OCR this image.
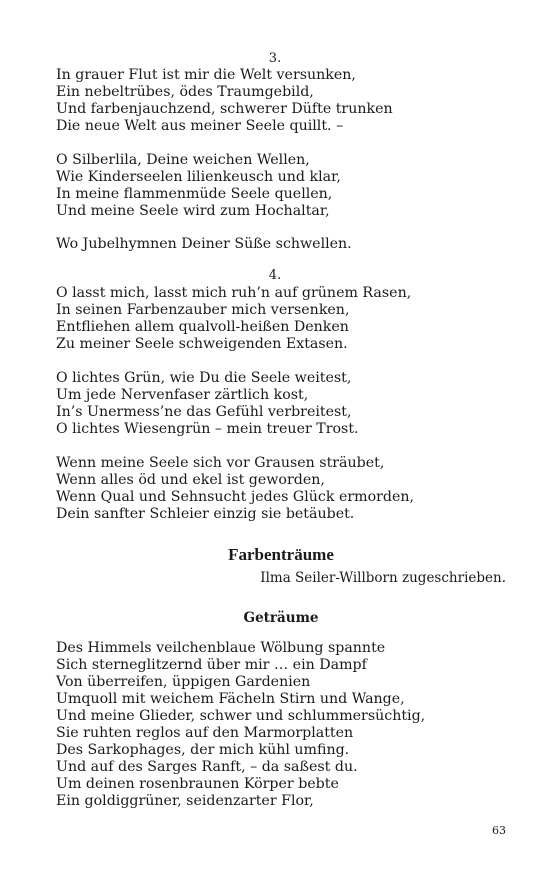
3.
In grauer Flut ist mir die Welt versunken,
Ein nebeltrübes, ödes Traumgebild,
Und farbenjauchzend, schwerer Düfte trunken
Die neue Welt aus meiner Seele quillt. –
O Silberlila, Deine weichen Wellen,
Wie Kinderseelen lilienkeusch und klar,
In meine flammenmüde Seele quellen,
Und meine Seele wird zum Hochaltar,
Wo Jubelhymnen Deiner Süße schwellen.
4.
O lasst mich, lasst mich ruh’n auf grünem Rasen,
In seinen Farbenzauber mich versenken,
Entfliehen allem qualvoll-heißen Denken
Zu meiner Seele schweigenden Extasen.
O lichtes Grün, wie Du die Seele weitest,
Um jede Nervenfaser zärtlich kost,
In’s Unermess’ne das Gefühl verbreitest,
O lichtes Wiesengrün – mein treuer Trost.
Wenn meine Seele sich vor Grausen sträubet,
Wenn alles öd und ekel ist geworden,
Wenn Qual und Sehnsucht jedes Glück ermorden,
Dein sanfter Schleier einzig sie betäubet.
Farbenträume
Ilma Seiler-Willborn zugeschrieben.
Geträume
Des Himmels veilchenblaue Wölbung spannte
Sich sterneglitzernd über mir … ein Dampf
Von überreifen, üppigen Gardenien
Umquoll mit weichem Fächeln Stirn und Wange,
Und meine Glieder, schwer und schlummersüchtig,
Sie ruhten reglos auf den Marmorplatten
Des Sarkophages, der mich kühl umfing.
Und auf des Sarges Ranft, – da saßest du.
Um deinen rosenbraunen Körper bebte
Ein goldiggrüner, seidenzarter Flor,
63
